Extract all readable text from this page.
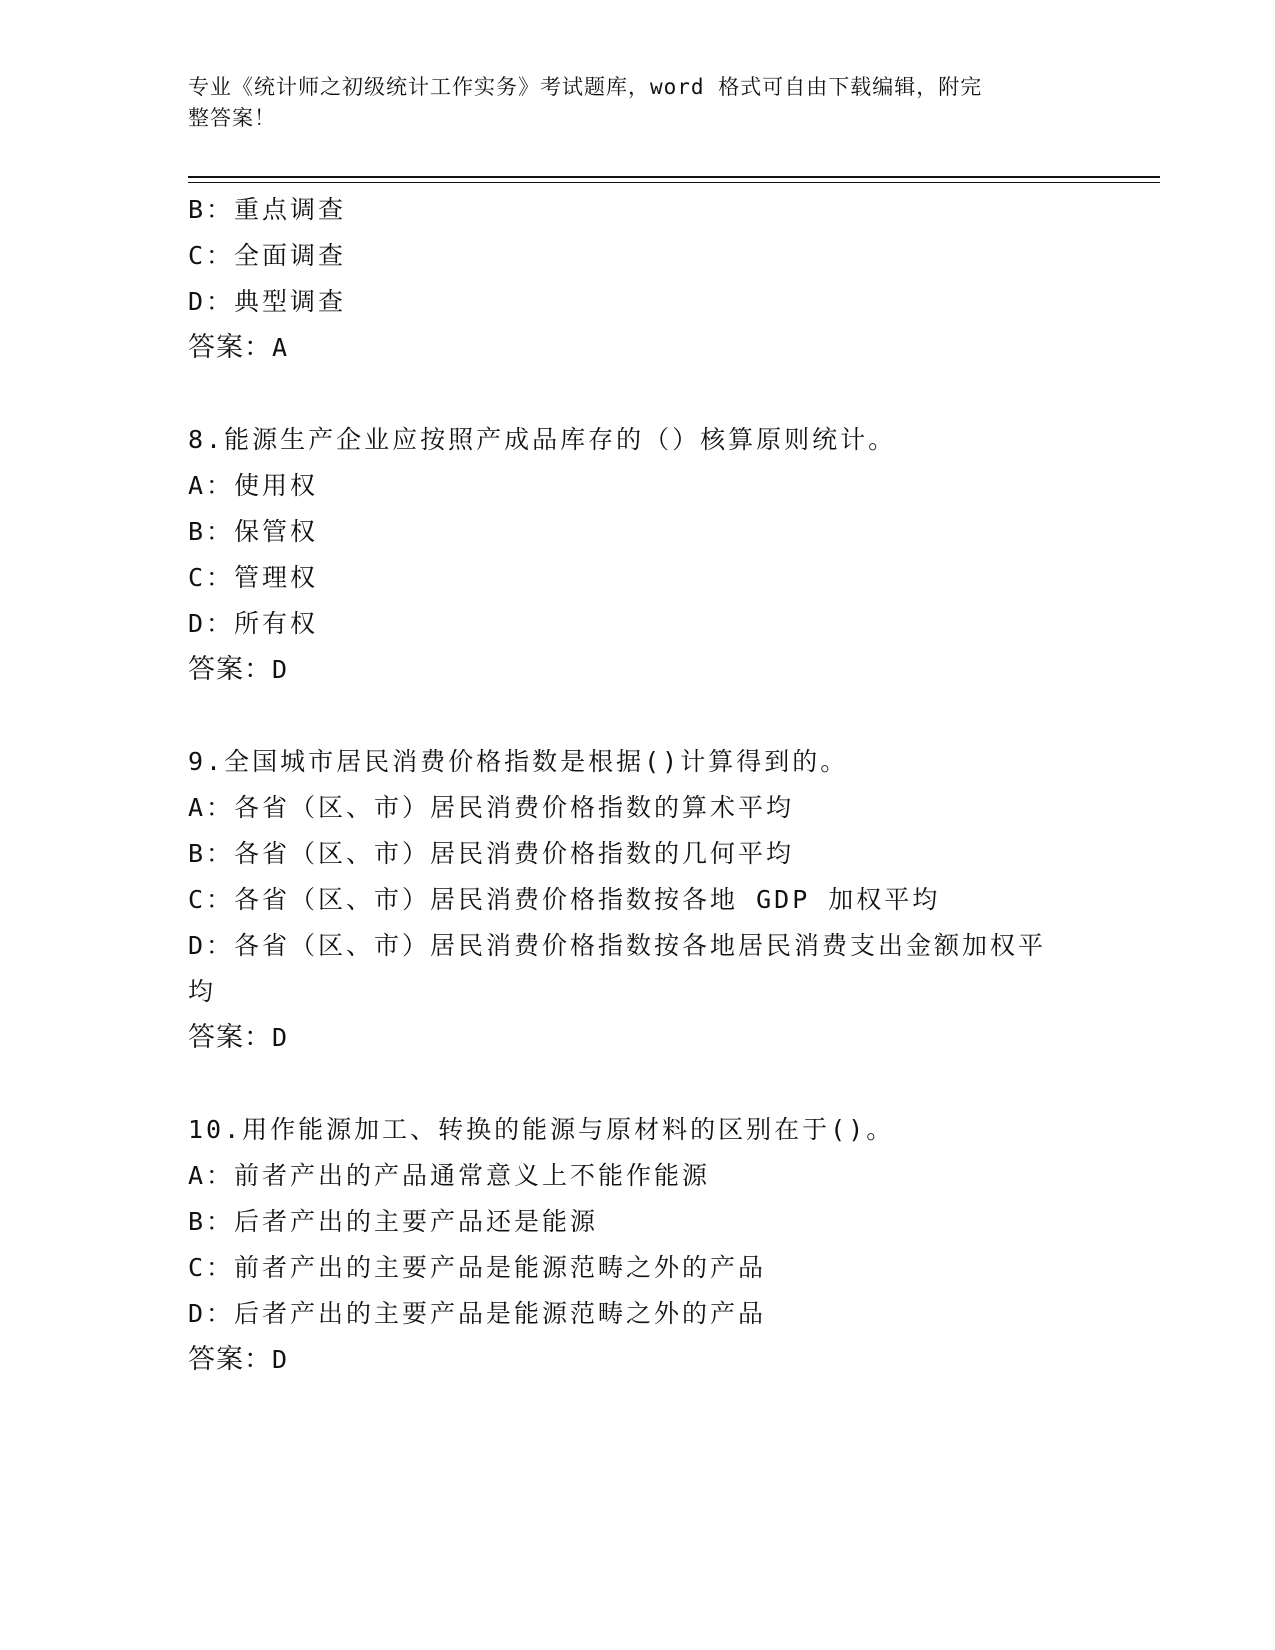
专业《统计师之初级统计工作实务》考试题库，word 格式可自由下载编辑，附完
整答案！
B：重点调查
C：全面调查
D：典型调查
答案：A
8.能源生产企业应按照产成品库存的（）核算原则统计。
A：使用权
B：保管权
C：管理权
D：所有权
答案：D
9.全国城市居民消费价格指数是根据()计算得到的。
A：各省（区、市）居民消费价格指数的算术平均
B：各省（区、市）居民消费价格指数的几何平均
C：各省（区、市）居民消费价格指数按各地 GDP 加权平均
D：各省（区、市）居民消费价格指数按各地居民消费支出金额加权平
均
答案：D
10.用作能源加工、转换的能源与原材料的区别在于()。
A：前者产出的产品通常意义上不能作能源
B：后者产出的主要产品还是能源
C：前者产出的主要产品是能源范畴之外的产品
D：后者产出的主要产品是能源范畴之外的产品
答案：D
